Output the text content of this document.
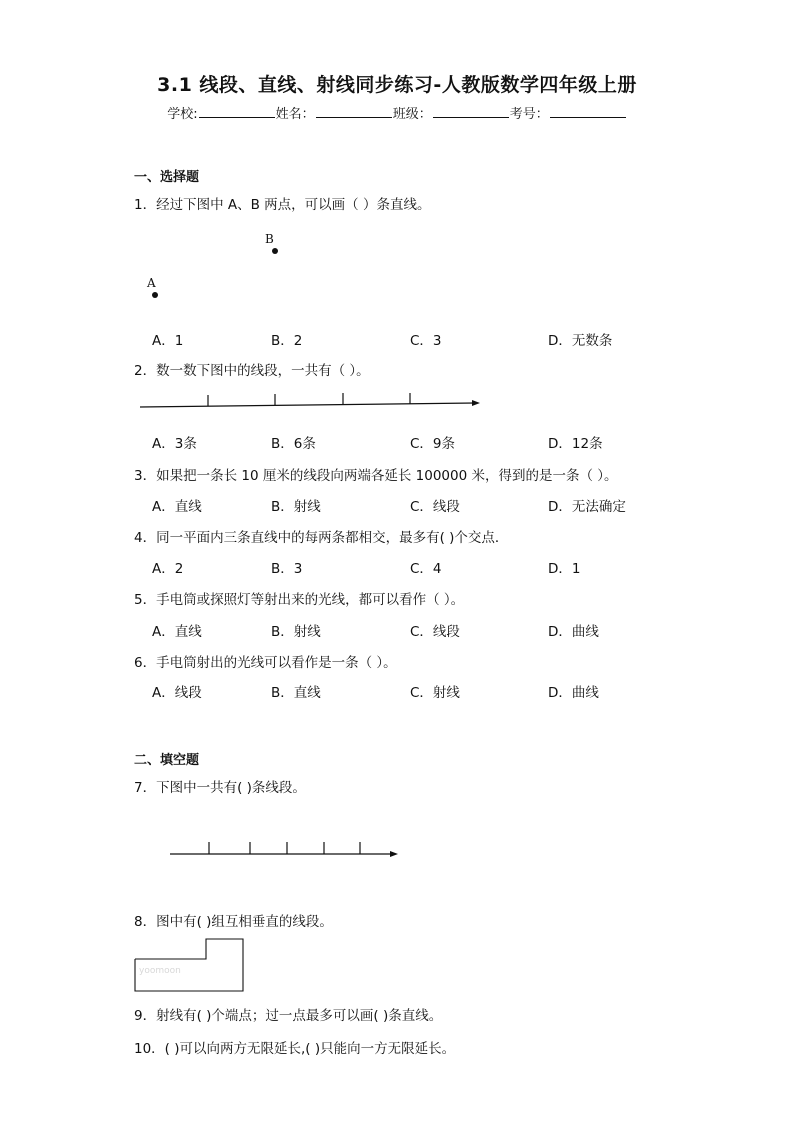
3.1 线段、直线、射线同步练习-人教版数学四年级上册
学校:	姓名：	班级：	考号：
一、选择题
1．经过下图中 A、B 两点，可以画（ ）条直线。
B
A
A．1	B．2	C．3	D．无数条
2．数一数下图中的线段，一共有（ ）。
A．3条	B．6条	C．9条	D．12条
3．如果把一条长 10 厘米的线段向两端各延长 100000 米，得到的是一条（ ）。
A．直线	B．射线	C．线段	D．无法确定
4．同一平面内三条直线中的每两条都相交，最多有( )个交点．
A．2	B．3	C．4	D．1
5．手电筒或探照灯等射出来的光线，都可以看作（ ）。
A．直线	B．射线	C．线段	D．曲线
6．手电筒射出的光线可以看作是一条（ ）。
A．线段	B．直线	C．射线	D．曲线
二、填空题
7．下图中一共有( )条线段。
8．图中有( )组互相垂直的线段。
yoomoon
9．射线有( )个端点；过一点最多可以画( )条直线。
10．( )可以向两方无限延长,( )只能向一方无限延长。
